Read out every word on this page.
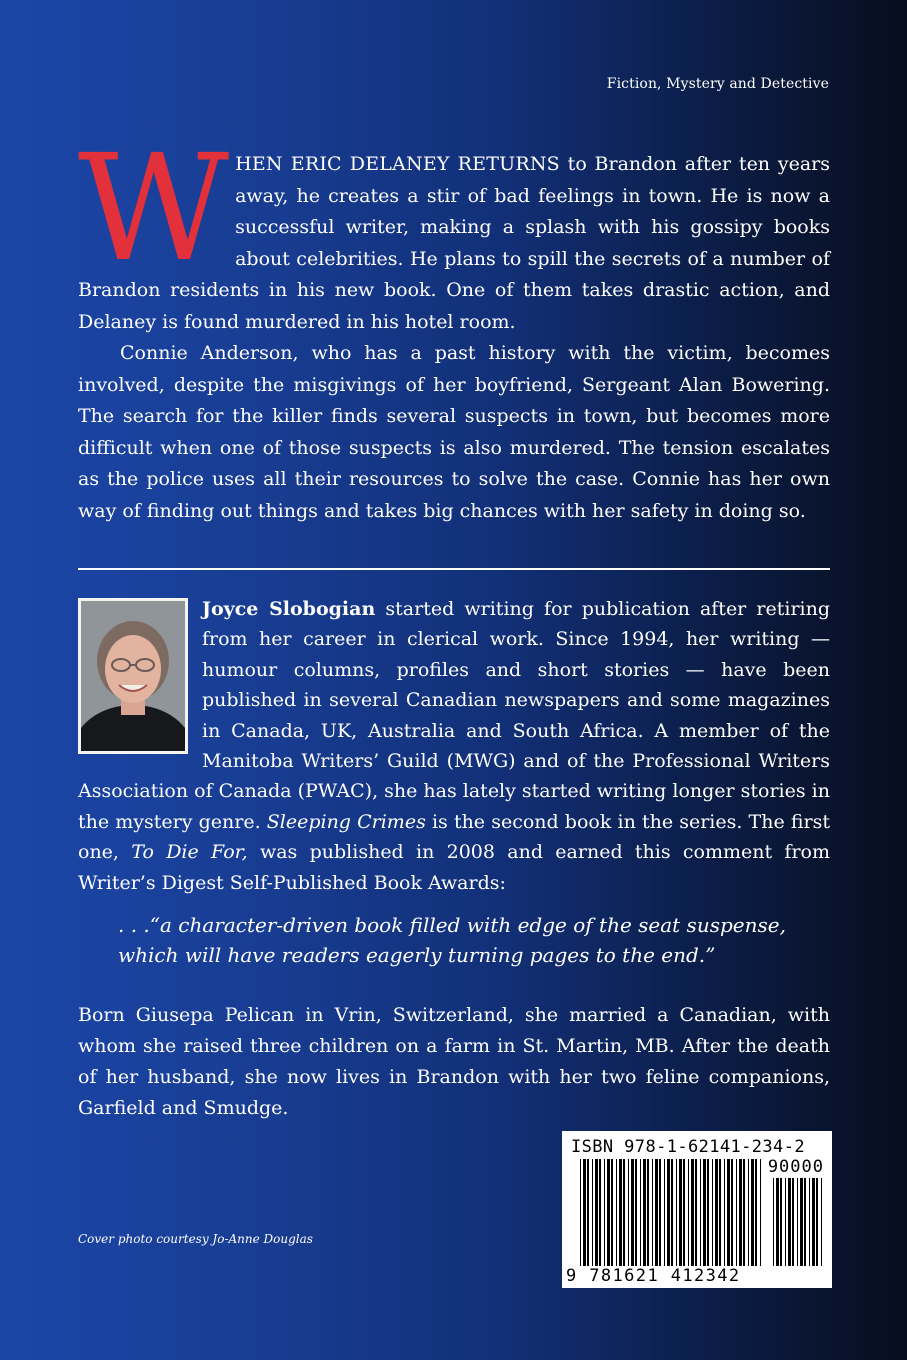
Fiction, Mystery and Detective

WHEN ERIC DELANEY RETURNS to Brandon after ten years away, he creates a stir of bad feelings in town. He is now a successful writer, making a splash with his gossipy books about celebrities. He plans to spill the secrets of a number of Brandon residents in his new book. One of them takes drastic action, and Delaney is found murdered in his hotel room.

Connie Anderson, who has a past history with the victim, becomes involved, despite the misgivings of her boyfriend, Sergeant Alan Bowering. The search for the killer finds several suspects in town, but becomes more difficult when one of those suspects is also murdered. The tension escalates as the police uses all their resources to solve the case. Connie has her own way of finding out things and takes big chances with her safety in doing so.

Joyce Slobogian started writing for publication after retiring from her career in clerical work. Since 1994, her writing — humour columns, profiles and short stories — have been published in several Canadian newspapers and some magazines in Canada, UK, Australia and South Africa. A member of the Manitoba Writers’ Guild (MWG) and of the Professional Writers Association of Canada (PWAC), she has lately started writing longer stories in the mystery genre. Sleeping Crimes is the second book in the series. The first one, To Die For, was published in 2008 and earned this comment from Writer’s Digest Self-Published Book Awards:

. . .“a character-driven book filled with edge of the seat suspense, which will have readers eagerly turning pages to the end.”
Born Giusepa Pelican in Vrin, Switzerland, she married a Canadian, with whom she raised three children on a farm in St. Martin, MB. After the death of her husband, she now lives in Brandon with her two feline companions, Garfield and Smudge.
Cover photo courtesy Jo-Anne Douglas
ISBN 978-1-62141-234-2
90000
9 781621 412342
